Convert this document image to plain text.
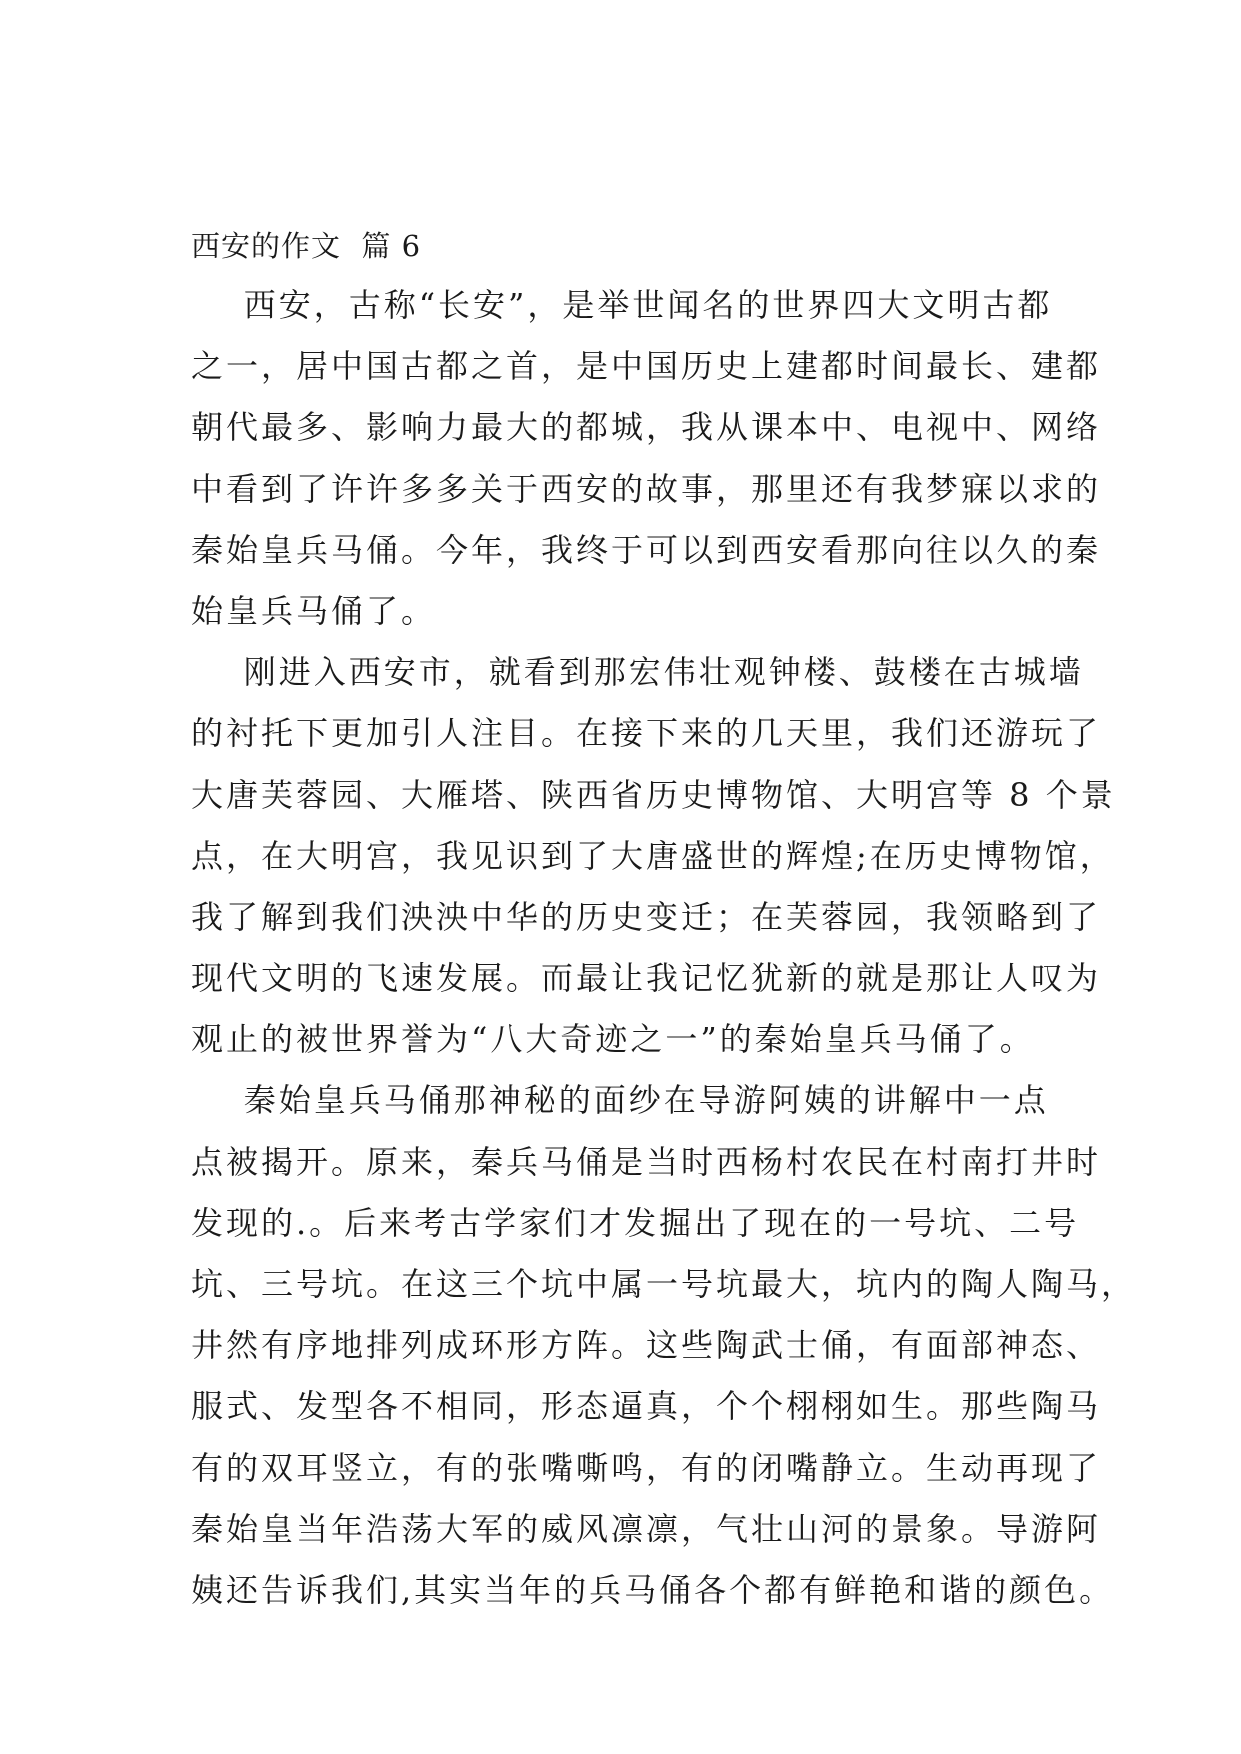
西安的作文  篇 6
西安，古称“长安”，是举世闻名的世界四大文明古都
之一，居中国古都之首，是中国历史上建都时间最长、建都
朝代最多、影响力最大的都城，我从课本中、电视中、网络
中看到了许许多多关于西安的故事，那里还有我梦寐以求的
秦始皇兵马俑。今年，我终于可以到西安看那向往以久的秦
始皇兵马俑了。
刚进入西安市，就看到那宏伟壮观钟楼、鼓楼在古城墙
的衬托下更加引人注目。在接下来的几天里，我们还游玩了
大唐芙蓉园、大雁塔、陕西省历史博物馆、大明宫等 8 个景
点，在大明宫，我见识到了大唐盛世的辉煌;在历史博物馆，
我了解到我们泱泱中华的历史变迁；在芙蓉园，我领略到了
现代文明的飞速发展。而最让我记忆犹新的就是那让人叹为
观止的被世界誉为“八大奇迹之一”的秦始皇兵马俑了。
秦始皇兵马俑那神秘的面纱在导游阿姨的讲解中一点
点被揭开。原来，秦兵马俑是当时西杨村农民在村南打井时
发现的.。后来考古学家们才发掘出了现在的一号坑、二号
坑、三号坑。在这三个坑中属一号坑最大，坑内的陶人陶马，
井然有序地排列成环形方阵。这些陶武士俑，有面部神态、
服式、发型各不相同，形态逼真，个个栩栩如生。那些陶马
有的双耳竖立，有的张嘴嘶鸣，有的闭嘴静立。生动再现了
秦始皇当年浩荡大军的威风凛凛，气壮山河的景象。导游阿
姨还告诉我们,其实当年的兵马俑各个都有鲜艳和谐的颜色。
